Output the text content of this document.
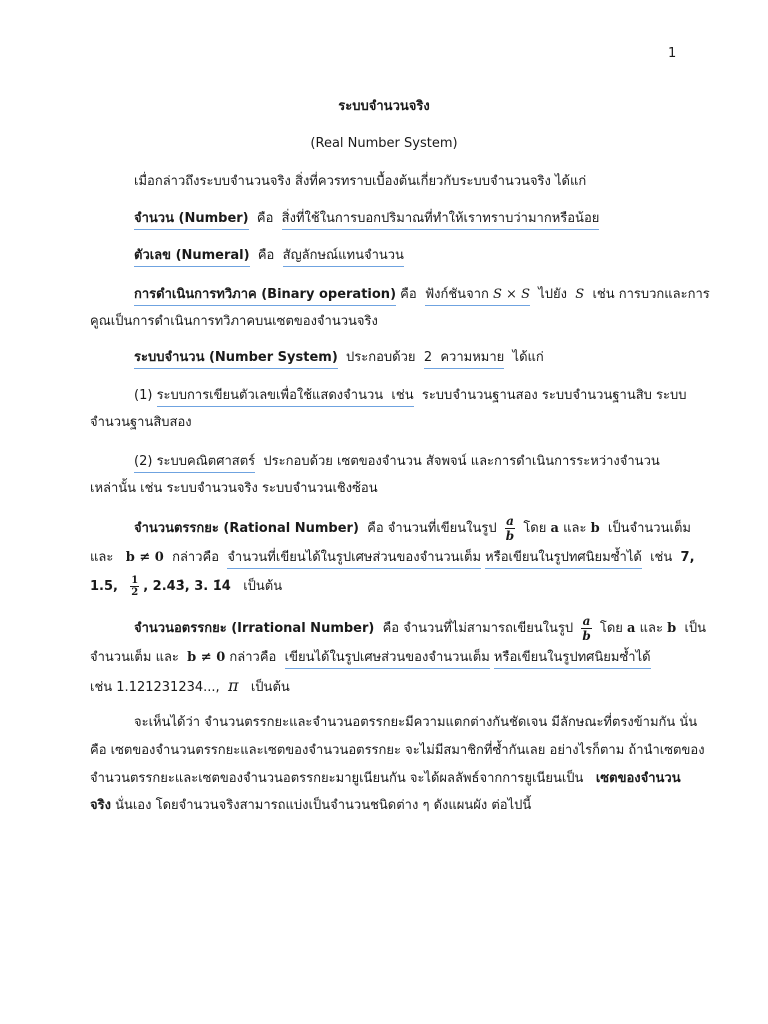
1
ระบบจำนวนจริง
(Real Number System)
เมื่อกล่าวถึงระบบจำนวนจริง สิ่งที่ควรทราบเบื้องต้นเกี่ยวกับระบบจำนวนจริง ได้แก่
จำนวน (Number) คือ สิ่งที่ใช้ในการบอกปริมาณที่ทำให้เราทราบว่ามากหรือน้อย
ตัวเลข (Numeral) คือ สัญลักษณ์แทนจำนวน
การดำเนินการทวิภาค (Binary operation) คือ ฟังก์ชันจาก S × S ไปยัง S เช่น การบวกและการ
คูณเป็นการดำเนินการทวิภาคบนเซตของจำนวนจริง
ระบบจำนวน (Number System) ประกอบด้วย 2 ความหมาย ได้แก่
(1) ระบบการเขียนตัวเลขเพื่อใช้แสดงจำนวน เช่น ระบบจำนวนฐานสอง ระบบจำนวนฐานสิบ ระบบ
จำนวนฐานสิบสอง
(2) ระบบคณิตศาสตร์ ประกอบด้วย เซตของจำนวน สัจพจน์ และการดำเนินการระหว่างจำนวน
เหล่านั้น เช่น ระบบจำนวนจริง ระบบจำนวนเชิงซ้อน
จำนวนตรรกยะ (Rational Number) คือ จำนวนที่เขียนในรูป $\frac{a}{b}$ โดย a และ b เป็นจำนวนเต็ม
และ b ≠ 0 กล่าวคือ จำนวนที่เขียนได้ในรูปเศษส่วนของจำนวนเต็ม หรือเขียนในรูปทศนิยมซ้ำได้ เช่น 7,
1.5, $\frac{1}{2}$ , 2.43̇, 3. 1̇4̇ เป็นต้น
จำนวนอตรรกยะ (Irrational Number) คือ จำนวนที่ไม่สามารถเขียนในรูป $\frac{a}{b}$ โดย a และ b เป็น
จำนวนเต็ม และ b ≠ 0 กล่าวคือ เขียนได้ในรูปเศษส่วนของจำนวนเต็ม หรือเขียนในรูปทศนิยมซ้ำได้
เช่น 1.121231234..., π เป็นต้น
จะเห็นได้ว่า จำนวนตรรกยะและจำนวนอตรรกยะมีความแตกต่างกันชัดเจน มีลักษณะที่ตรงข้ามกัน นั่น
คือ เซตของจำนวนตรรกยะและเซตของจำนวนอตรรกยะ จะไม่มีสมาชิกที่ซ้ำกันเลย อย่างไรก็ตาม ถ้านำเซตของ
จำนวนตรรกยะและเซตของจำนวนอตรรกยะมายูเนียนกัน จะได้ผลลัพธ์จากการยูเนียนเป็น เซตของจำนวน
จริง นั่นเอง โดยจำนวนจริงสามารถแบ่งเป็นจำนวนชนิดต่าง ๆ ดังแผนผัง ต่อไปนี้
